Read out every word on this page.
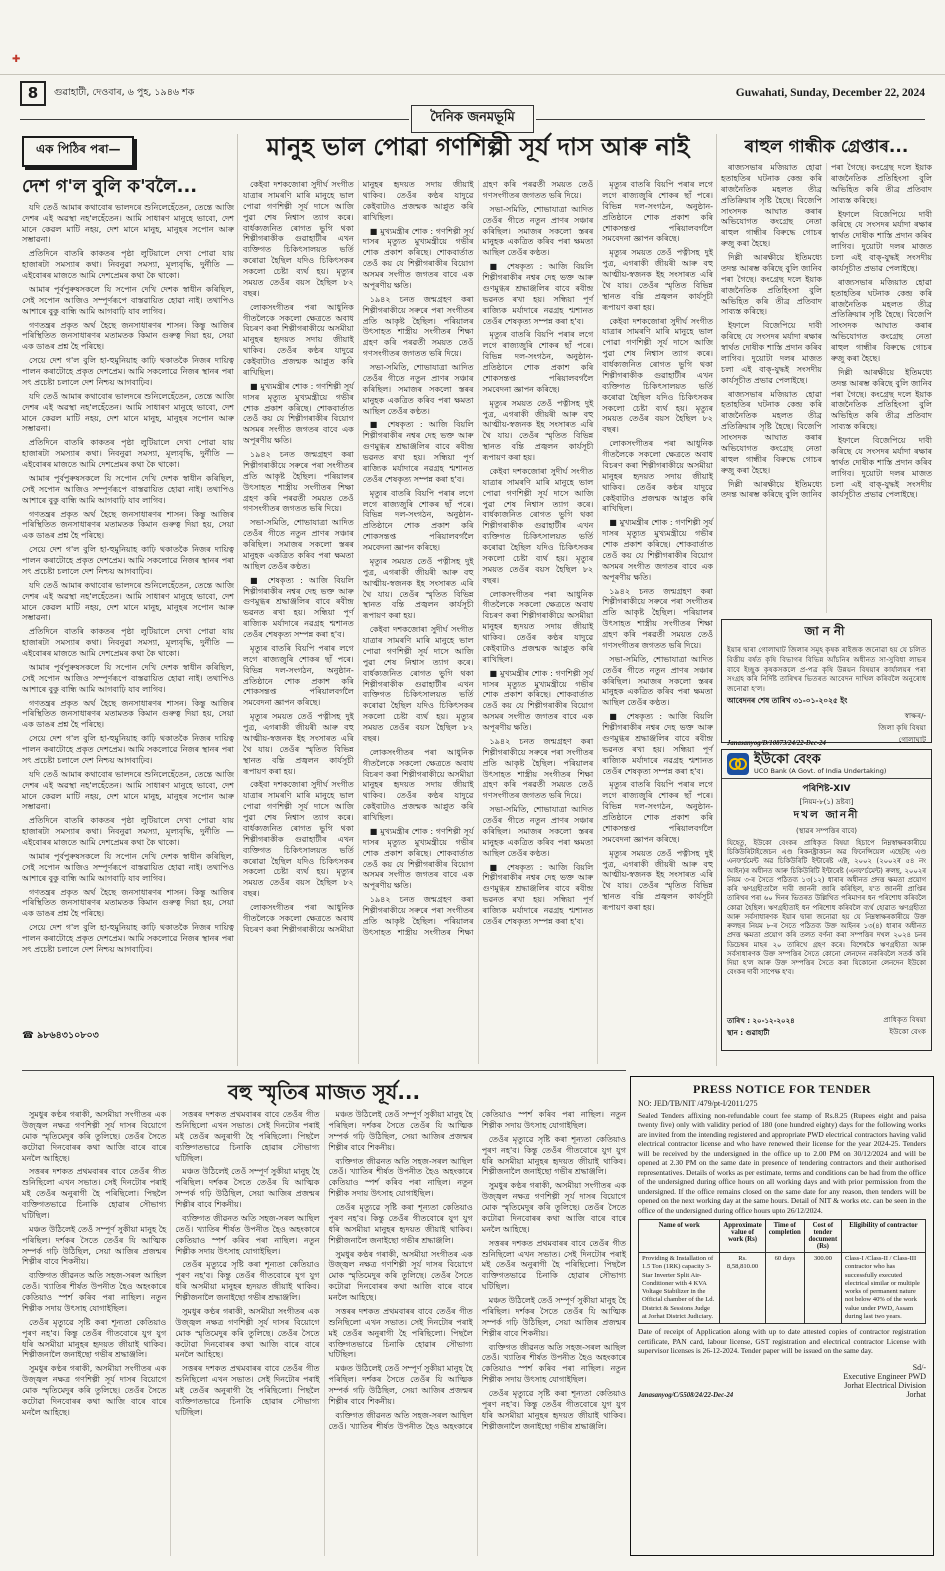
✚
8	গুৱাহাটী, দেওবাৰ, ৬ পুহ, ১৯৪৬ শক	Guwahati, Sunday, December 22, 2024
দৈনিক জনমভূমি
এক পিঠিৰ পৰা—
দেশ গ'ল বুলি ক'বলৈ...

যদি তেওঁ আমাৰ কথাবোৰ ভালদৰে শুনিলেহেঁতেন, তেন্তে আজি দেশৰ এই অৱস্থা নহ'লহেঁতেন। আমি সাধাৰণ মানুহে ভাবো, দেশ মানে কেৱল মাটি নহয়, দেশ মানে মানুহ, মানুহৰ সপোন আৰু সম্ভাৱনা।

প্ৰতিদিনে বাতৰি কাকতৰ পৃষ্ঠা লুটিয়ালে দেখা পোৱা যায় হাজাৰটা সমস্যাৰ কথা। নিবনুৱা সমস্যা, মূল্যবৃদ্ধি, দুৰ্নীতি — এইবোৰৰ মাজতে আমি দেশপ্ৰেমৰ কথা কৈ থাকো।

আমাৰ পূৰ্বপুৰুষসকলে যি সপোন দেখি দেশক স্বাধীন কৰিছিল, সেই সপোন আজিও সম্পূৰ্ণৰূপে বাস্তৱায়িত হোৱা নাই। তথাপিও আশাৰে বুকু বান্ধি আমি আগবাঢ়ি যাব লাগিব।

গণতন্ত্ৰৰ প্ৰকৃত অৰ্থ হৈছে জনসাধাৰণৰ শাসন। কিন্তু আজিৰ পৰিস্থিতিত জনসাধাৰণৰ মতামতক কিমান গুৰুত্ব দিয়া হয়, সেয়া এক ডাঙৰ প্ৰশ্ন হৈ পৰিছে।

সেয়ে দেশ গ'ল বুলি হা-হুমুনিয়াহ কাঢ়ি থকাতকৈ নিজৰ দায়িত্ব পালন কৰাটোহে প্ৰকৃত দেশপ্ৰেম। আমি সকলোৱে নিজৰ স্থানৰ পৰা সৎ প্ৰচেষ্টা চলালে দেশ নিশ্চয় আগবাঢ়িব।

যদি তেওঁ আমাৰ কথাবোৰ ভালদৰে শুনিলেহেঁতেন, তেন্তে আজি দেশৰ এই অৱস্থা নহ'লহেঁতেন। আমি সাধাৰণ মানুহে ভাবো, দেশ মানে কেৱল মাটি নহয়, দেশ মানে মানুহ, মানুহৰ সপোন আৰু সম্ভাৱনা।

প্ৰতিদিনে বাতৰি কাকতৰ পৃষ্ঠা লুটিয়ালে দেখা পোৱা যায় হাজাৰটা সমস্যাৰ কথা। নিবনুৱা সমস্যা, মূল্যবৃদ্ধি, দুৰ্নীতি — এইবোৰৰ মাজতে আমি দেশপ্ৰেমৰ কথা কৈ থাকো।

আমাৰ পূৰ্বপুৰুষসকলে যি সপোন দেখি দেশক স্বাধীন কৰিছিল, সেই সপোন আজিও সম্পূৰ্ণৰূপে বাস্তৱায়িত হোৱা নাই। তথাপিও আশাৰে বুকু বান্ধি আমি আগবাঢ়ি যাব লাগিব।

গণতন্ত্ৰৰ প্ৰকৃত অৰ্থ হৈছে জনসাধাৰণৰ শাসন। কিন্তু আজিৰ পৰিস্থিতিত জনসাধাৰণৰ মতামতক কিমান গুৰুত্ব দিয়া হয়, সেয়া এক ডাঙৰ প্ৰশ্ন হৈ পৰিছে।

সেয়ে দেশ গ'ল বুলি হা-হুমুনিয়াহ কাঢ়ি থকাতকৈ নিজৰ দায়িত্ব পালন কৰাটোহে প্ৰকৃত দেশপ্ৰেম। আমি সকলোৱে নিজৰ স্থানৰ পৰা সৎ প্ৰচেষ্টা চলালে দেশ নিশ্চয় আগবাঢ়িব।

যদি তেওঁ আমাৰ কথাবোৰ ভালদৰে শুনিলেহেঁতেন, তেন্তে আজি দেশৰ এই অৱস্থা নহ'লহেঁতেন। আমি সাধাৰণ মানুহে ভাবো, দেশ মানে কেৱল মাটি নহয়, দেশ মানে মানুহ, মানুহৰ সপোন আৰু সম্ভাৱনা।

প্ৰতিদিনে বাতৰি কাকতৰ পৃষ্ঠা লুটিয়ালে দেখা পোৱা যায় হাজাৰটা সমস্যাৰ কথা। নিবনুৱা সমস্যা, মূল্যবৃদ্ধি, দুৰ্নীতি — এইবোৰৰ মাজতে আমি দেশপ্ৰেমৰ কথা কৈ থাকো।

আমাৰ পূৰ্বপুৰুষসকলে যি সপোন দেখি দেশক স্বাধীন কৰিছিল, সেই সপোন আজিও সম্পূৰ্ণৰূপে বাস্তৱায়িত হোৱা নাই। তথাপিও আশাৰে বুকু বান্ধি আমি আগবাঢ়ি যাব লাগিব।

গণতন্ত্ৰৰ প্ৰকৃত অৰ্থ হৈছে জনসাধাৰণৰ শাসন। কিন্তু আজিৰ পৰিস্থিতিত জনসাধাৰণৰ মতামতক কিমান গুৰুত্ব দিয়া হয়, সেয়া এক ডাঙৰ প্ৰশ্ন হৈ পৰিছে।

সেয়ে দেশ গ'ল বুলি হা-হুমুনিয়াহ কাঢ়ি থকাতকৈ নিজৰ দায়িত্ব পালন কৰাটোহে প্ৰকৃত দেশপ্ৰেম। আমি সকলোৱে নিজৰ স্থানৰ পৰা সৎ প্ৰচেষ্টা চলালে দেশ নিশ্চয় আগবাঢ়িব।

যদি তেওঁ আমাৰ কথাবোৰ ভালদৰে শুনিলেহেঁতেন, তেন্তে আজি দেশৰ এই অৱস্থা নহ'লহেঁতেন। আমি সাধাৰণ মানুহে ভাবো, দেশ মানে কেৱল মাটি নহয়, দেশ মানে মানুহ, মানুহৰ সপোন আৰু সম্ভাৱনা।

প্ৰতিদিনে বাতৰি কাকতৰ পৃষ্ঠা লুটিয়ালে দেখা পোৱা যায় হাজাৰটা সমস্যাৰ কথা। নিবনুৱা সমস্যা, মূল্যবৃদ্ধি, দুৰ্নীতি — এইবোৰৰ মাজতে আমি দেশপ্ৰেমৰ কথা কৈ থাকো।

আমাৰ পূৰ্বপুৰুষসকলে যি সপোন দেখি দেশক স্বাধীন কৰিছিল, সেই সপোন আজিও সম্পূৰ্ণৰূপে বাস্তৱায়িত হোৱা নাই। তথাপিও আশাৰে বুকু বান্ধি আমি আগবাঢ়ি যাব লাগিব।

গণতন্ত্ৰৰ প্ৰকৃত অৰ্থ হৈছে জনসাধাৰণৰ শাসন। কিন্তু আজিৰ পৰিস্থিতিত জনসাধাৰণৰ মতামতক কিমান গুৰুত্ব দিয়া হয়, সেয়া এক ডাঙৰ প্ৰশ্ন হৈ পৰিছে।

সেয়ে দেশ গ'ল বুলি হা-হুমুনিয়াহ কাঢ়ি থকাতকৈ নিজৰ দায়িত্ব পালন কৰাটোহে প্ৰকৃত দেশপ্ৰেম। আমি সকলোৱে নিজৰ স্থানৰ পৰা সৎ প্ৰচেষ্টা চলালে দেশ নিশ্চয় আগবাঢ়িব।

☎ ৯৮৬৪৩১০৮০৩
মানুহ ভাল পোৱা গণশিল্পী সূৰ্য দাস আৰু নাই

কেইবা দশকজোৰা সুদীৰ্ঘ সংগীত যাত্ৰাৰ সামৰণি মাৰি মানুহে ভাল পোৱা গণশিল্পী সূৰ্য দাসে আজি পুৱা শেষ নিশ্বাস ত্যাগ কৰে। বাৰ্ধক্যজনিত ৰোগত ভুগি থকা শিল্পীগৰাকীক গুৱাহাটীৰ এখন ব্যক্তিগত চিকিৎসালয়ত ভৰ্তি কৰোৱা হৈছিল যদিও চিকিৎসকৰ সকলো চেষ্টা ব্যৰ্থ হয়। মৃত্যুৰ সময়ত তেওঁৰ বয়স হৈছিল ৮২ বছৰ।

লোকসংগীতৰ পৰা আধুনিক গীতলৈকে সকলো ক্ষেত্ৰতে অবাধ বিচৰণ কৰা শিল্পীগৰাকীয়ে অসমীয়া মানুহৰ হৃদয়ত সদায় জীয়াই থাকিব। তেওঁৰ কণ্ঠৰ যাদুৱে কেইবাটাও প্ৰজন্মক আপ্লুত কৰি ৰাখিছিল।

■ মুখ্যমন্ত্ৰীৰ শোক : গণশিল্পী সূৰ্য দাসৰ মৃত্যুত মুখ্যমন্ত্ৰীয়ে গভীৰ শোক প্ৰকাশ কৰিছে। শোকবাৰ্তাত তেওঁ কয় যে শিল্পীগৰাকীৰ বিয়োগ অসমৰ সংগীত জগতৰ বাবে এক অপূৰণীয় ক্ষতি।

১৯৪২ চনত জন্মগ্ৰহণ কৰা শিল্পীগৰাকীয়ে সৰুৰে পৰা সংগীতৰ প্ৰতি আকৃষ্ট হৈছিল। পৰিয়ালৰ উৎসাহত শাস্ত্ৰীয় সংগীতৰ শিক্ষা গ্ৰহণ কৰি পৰৱৰ্তী সময়ত তেওঁ গণসংগীতৰ জগতত ভৰি দিয়ে।

সভা-সমিতি, শোভাযাত্ৰা আদিত তেওঁৰ গীতে নতুন প্ৰাণৰ সঞ্চাৰ কৰিছিল। সমাজৰ সকলো স্তৰৰ মানুহক একত্ৰিত কৰিব পৰা ক্ষমতা আছিল তেওঁৰ কণ্ঠত।

■ শেষকৃত্য : আজি বিয়লি শিল্পীগৰাকীৰ নশ্বৰ দেহ ভক্ত আৰু গুণমুগ্ধৰ শ্ৰদ্ধাঞ্জলিৰ বাবে ৰবীন্দ্ৰ ভৱনত ৰখা হয়। সন্ধিয়া পূৰ্ণ ৰাজ্যিক মৰ্যাদাৰে নৱগ্ৰহ শ্মশানত তেওঁৰ শেষকৃত্য সম্পন্ন কৰা হ'ব।

মৃত্যুৰ বাতৰি বিয়পি পৰাৰ লগে লগে ৰাজ্যজুৰি শোকৰ ছাঁ পৰে। বিভিন্ন দল-সংগঠন, অনুষ্ঠান-প্ৰতিষ্ঠানে শোক প্ৰকাশ কৰি শোকসন্তপ্ত পৰিয়ালবৰ্গলৈ সমবেদনা জ্ঞাপন কৰিছে।

মৃত্যুৰ সময়ত তেওঁ পত্নীসহ দুই পুত্ৰ, এগৰাকী জীয়ৰী আৰু বহু আত্মীয়-স্বজনক ইহ সংসাৰত এৰি থৈ যায়। তেওঁৰ স্মৃতিত বিভিন্ন স্থানত বন্তি প্ৰজ্বলন কাৰ্যসূচী ৰূপায়ণ কৰা হয়।

কেইবা দশকজোৰা সুদীৰ্ঘ সংগীত যাত্ৰাৰ সামৰণি মাৰি মানুহে ভাল পোৱা গণশিল্পী সূৰ্য দাসে আজি পুৱা শেষ নিশ্বাস ত্যাগ কৰে। বাৰ্ধক্যজনিত ৰোগত ভুগি থকা শিল্পীগৰাকীক গুৱাহাটীৰ এখন ব্যক্তিগত চিকিৎসালয়ত ভৰ্তি কৰোৱা হৈছিল যদিও চিকিৎসকৰ সকলো চেষ্টা ব্যৰ্থ হয়। মৃত্যুৰ সময়ত তেওঁৰ বয়স হৈছিল ৮২ বছৰ।

লোকসংগীতৰ পৰা আধুনিক গীতলৈকে সকলো ক্ষেত্ৰতে অবাধ বিচৰণ কৰা শিল্পীগৰাকীয়ে অসমীয়া মানুহৰ হৃদয়ত সদায় জীয়াই থাকিব। তেওঁৰ কণ্ঠৰ যাদুৱে কেইবাটাও প্ৰজন্মক আপ্লুত কৰি ৰাখিছিল।

■ মুখ্যমন্ত্ৰীৰ শোক : গণশিল্পী সূৰ্য দাসৰ মৃত্যুত মুখ্যমন্ত্ৰীয়ে গভীৰ শোক প্ৰকাশ কৰিছে। শোকবাৰ্তাত তেওঁ কয় যে শিল্পীগৰাকীৰ বিয়োগ অসমৰ সংগীত জগতৰ বাবে এক অপূৰণীয় ক্ষতি।

১৯৪২ চনত জন্মগ্ৰহণ কৰা শিল্পীগৰাকীয়ে সৰুৰে পৰা সংগীতৰ প্ৰতি আকৃষ্ট হৈছিল। পৰিয়ালৰ উৎসাহত শাস্ত্ৰীয় সংগীতৰ শিক্ষা গ্ৰহণ কৰি পৰৱৰ্তী সময়ত তেওঁ গণসংগীতৰ জগতত ভৰি দিয়ে।

সভা-সমিতি, শোভাযাত্ৰা আদিত তেওঁৰ গীতে নতুন প্ৰাণৰ সঞ্চাৰ কৰিছিল। সমাজৰ সকলো স্তৰৰ মানুহক একত্ৰিত কৰিব পৰা ক্ষমতা আছিল তেওঁৰ কণ্ঠত।

■ শেষকৃত্য : আজি বিয়লি শিল্পীগৰাকীৰ নশ্বৰ দেহ ভক্ত আৰু গুণমুগ্ধৰ শ্ৰদ্ধাঞ্জলিৰ বাবে ৰবীন্দ্ৰ ভৱনত ৰখা হয়। সন্ধিয়া পূৰ্ণ ৰাজ্যিক মৰ্যাদাৰে নৱগ্ৰহ শ্মশানত তেওঁৰ শেষকৃত্য সম্পন্ন কৰা হ'ব।

মৃত্যুৰ বাতৰি বিয়পি পৰাৰ লগে লগে ৰাজ্যজুৰি শোকৰ ছাঁ পৰে। বিভিন্ন দল-সংগঠন, অনুষ্ঠান-প্ৰতিষ্ঠানে শোক প্ৰকাশ কৰি শোকসন্তপ্ত পৰিয়ালবৰ্গলৈ সমবেদনা জ্ঞাপন কৰিছে।

মৃত্যুৰ সময়ত তেওঁ পত্নীসহ দুই পুত্ৰ, এগৰাকী জীয়ৰী আৰু বহু আত্মীয়-স্বজনক ইহ সংসাৰত এৰি থৈ যায়। তেওঁৰ স্মৃতিত বিভিন্ন স্থানত বন্তি প্ৰজ্বলন কাৰ্যসূচী ৰূপায়ণ কৰা হয়।

কেইবা দশকজোৰা সুদীৰ্ঘ সংগীত যাত্ৰাৰ সামৰণি মাৰি মানুহে ভাল পোৱা গণশিল্পী সূৰ্য দাসে আজি পুৱা শেষ নিশ্বাস ত্যাগ কৰে। বাৰ্ধক্যজনিত ৰোগত ভুগি থকা শিল্পীগৰাকীক গুৱাহাটীৰ এখন ব্যক্তিগত চিকিৎসালয়ত ভৰ্তি কৰোৱা হৈছিল যদিও চিকিৎসকৰ সকলো চেষ্টা ব্যৰ্থ হয়। মৃত্যুৰ সময়ত তেওঁৰ বয়স হৈছিল ৮২ বছৰ।

লোকসংগীতৰ পৰা আধুনিক গীতলৈকে সকলো ক্ষেত্ৰতে অবাধ বিচৰণ কৰা শিল্পীগৰাকীয়ে অসমীয়া মানুহৰ হৃদয়ত সদায় জীয়াই থাকিব। তেওঁৰ কণ্ঠৰ যাদুৱে কেইবাটাও প্ৰজন্মক আপ্লুত কৰি ৰাখিছিল।

■ মুখ্যমন্ত্ৰীৰ শোক : গণশিল্পী সূৰ্য দাসৰ মৃত্যুত মুখ্যমন্ত্ৰীয়ে গভীৰ শোক প্ৰকাশ কৰিছে। শোকবাৰ্তাত তেওঁ কয় যে শিল্পীগৰাকীৰ বিয়োগ অসমৰ সংগীত জগতৰ বাবে এক অপূৰণীয় ক্ষতি।

১৯৪২ চনত জন্মগ্ৰহণ কৰা শিল্পীগৰাকীয়ে সৰুৰে পৰা সংগীতৰ প্ৰতি আকৃষ্ট হৈছিল। পৰিয়ালৰ উৎসাহত শাস্ত্ৰীয় সংগীতৰ শিক্ষা গ্ৰহণ কৰি পৰৱৰ্তী সময়ত তেওঁ গণসংগীতৰ জগতত ভৰি দিয়ে।

সভা-সমিতি, শোভাযাত্ৰা আদিত তেওঁৰ গীতে নতুন প্ৰাণৰ সঞ্চাৰ কৰিছিল। সমাজৰ সকলো স্তৰৰ মানুহক একত্ৰিত কৰিব পৰা ক্ষমতা আছিল তেওঁৰ কণ্ঠত।

■ শেষকৃত্য : আজি বিয়লি শিল্পীগৰাকীৰ নশ্বৰ দেহ ভক্ত আৰু গুণমুগ্ধৰ শ্ৰদ্ধাঞ্জলিৰ বাবে ৰবীন্দ্ৰ ভৱনত ৰখা হয়। সন্ধিয়া পূৰ্ণ ৰাজ্যিক মৰ্যাদাৰে নৱগ্ৰহ শ্মশানত তেওঁৰ শেষকৃত্য সম্পন্ন কৰা হ'ব।

মৃত্যুৰ বাতৰি বিয়পি পৰাৰ লগে লগে ৰাজ্যজুৰি শোকৰ ছাঁ পৰে। বিভিন্ন দল-সংগঠন, অনুষ্ঠান-প্ৰতিষ্ঠানে শোক প্ৰকাশ কৰি শোকসন্তপ্ত পৰিয়ালবৰ্গলৈ সমবেদনা জ্ঞাপন কৰিছে।

মৃত্যুৰ সময়ত তেওঁ পত্নীসহ দুই পুত্ৰ, এগৰাকী জীয়ৰী আৰু বহু আত্মীয়-স্বজনক ইহ সংসাৰত এৰি থৈ যায়। তেওঁৰ স্মৃতিত বিভিন্ন স্থানত বন্তি প্ৰজ্বলন কাৰ্যসূচী ৰূপায়ণ কৰা হয়।

কেইবা দশকজোৰা সুদীৰ্ঘ সংগীত যাত্ৰাৰ সামৰণি মাৰি মানুহে ভাল পোৱা গণশিল্পী সূৰ্য দাসে আজি পুৱা শেষ নিশ্বাস ত্যাগ কৰে। বাৰ্ধক্যজনিত ৰোগত ভুগি থকা শিল্পীগৰাকীক গুৱাহাটীৰ এখন ব্যক্তিগত চিকিৎসালয়ত ভৰ্তি কৰোৱা হৈছিল যদিও চিকিৎসকৰ সকলো চেষ্টা ব্যৰ্থ হয়। মৃত্যুৰ সময়ত তেওঁৰ বয়স হৈছিল ৮২ বছৰ।

লোকসংগীতৰ পৰা আধুনিক গীতলৈকে সকলো ক্ষেত্ৰতে অবাধ বিচৰণ কৰা শিল্পীগৰাকীয়ে অসমীয়া মানুহৰ হৃদয়ত সদায় জীয়াই থাকিব। তেওঁৰ কণ্ঠৰ যাদুৱে কেইবাটাও প্ৰজন্মক আপ্লুত কৰি ৰাখিছিল।

■ মুখ্যমন্ত্ৰীৰ শোক : গণশিল্পী সূৰ্য দাসৰ মৃত্যুত মুখ্যমন্ত্ৰীয়ে গভীৰ শোক প্ৰকাশ কৰিছে। শোকবাৰ্তাত তেওঁ কয় যে শিল্পীগৰাকীৰ বিয়োগ অসমৰ সংগীত জগতৰ বাবে এক অপূৰণীয় ক্ষতি।

১৯৪২ চনত জন্মগ্ৰহণ কৰা শিল্পীগৰাকীয়ে সৰুৰে পৰা সংগীতৰ প্ৰতি আকৃষ্ট হৈছিল। পৰিয়ালৰ উৎসাহত শাস্ত্ৰীয় সংগীতৰ শিক্ষা গ্ৰহণ কৰি পৰৱৰ্তী সময়ত তেওঁ গণসংগীতৰ জগতত ভৰি দিয়ে।

সভা-সমিতি, শোভাযাত্ৰা আদিত তেওঁৰ গীতে নতুন প্ৰাণৰ সঞ্চাৰ কৰিছিল। সমাজৰ সকলো স্তৰৰ মানুহক একত্ৰিত কৰিব পৰা ক্ষমতা আছিল তেওঁৰ কণ্ঠত।

■ শেষকৃত্য : আজি বিয়লি শিল্পীগৰাকীৰ নশ্বৰ দেহ ভক্ত আৰু গুণমুগ্ধৰ শ্ৰদ্ধাঞ্জলিৰ বাবে ৰবীন্দ্ৰ ভৱনত ৰখা হয়। সন্ধিয়া পূৰ্ণ ৰাজ্যিক মৰ্যাদাৰে নৱগ্ৰহ শ্মশানত তেওঁৰ শেষকৃত্য সম্পন্ন কৰা হ'ব।

মৃত্যুৰ বাতৰি বিয়পি পৰাৰ লগে লগে ৰাজ্যজুৰি শোকৰ ছাঁ পৰে। বিভিন্ন দল-সংগঠন, অনুষ্ঠান-প্ৰতিষ্ঠানে শোক প্ৰকাশ কৰি শোকসন্তপ্ত পৰিয়ালবৰ্গলৈ সমবেদনা জ্ঞাপন কৰিছে।

মৃত্যুৰ সময়ত তেওঁ পত্নীসহ দুই পুত্ৰ, এগৰাকী জীয়ৰী আৰু বহু আত্মীয়-স্বজনক ইহ সংসাৰত এৰি থৈ যায়। তেওঁৰ স্মৃতিত বিভিন্ন স্থানত বন্তি প্ৰজ্বলন কাৰ্যসূচী ৰূপায়ণ কৰা হয়।

কেইবা দশকজোৰা সুদীৰ্ঘ সংগীত যাত্ৰাৰ সামৰণি মাৰি মানুহে ভাল পোৱা গণশিল্পী সূৰ্য দাসে আজি পুৱা শেষ নিশ্বাস ত্যাগ কৰে। বাৰ্ধক্যজনিত ৰোগত ভুগি থকা শিল্পীগৰাকীক গুৱাহাটীৰ এখন ব্যক্তিগত চিকিৎসালয়ত ভৰ্তি কৰোৱা হৈছিল যদিও চিকিৎসকৰ সকলো চেষ্টা ব্যৰ্থ হয়। মৃত্যুৰ সময়ত তেওঁৰ বয়স হৈছিল ৮২ বছৰ।

লোকসংগীতৰ পৰা আধুনিক গীতলৈকে সকলো ক্ষেত্ৰতে অবাধ বিচৰণ কৰা শিল্পীগৰাকীয়ে অসমীয়া মানুহৰ হৃদয়ত সদায় জীয়াই থাকিব। তেওঁৰ কণ্ঠৰ যাদুৱে কেইবাটাও প্ৰজন্মক আপ্লুত কৰি ৰাখিছিল।

■ মুখ্যমন্ত্ৰীৰ শোক : গণশিল্পী সূৰ্য দাসৰ মৃত্যুত মুখ্যমন্ত্ৰীয়ে গভীৰ শোক প্ৰকাশ কৰিছে। শোকবাৰ্তাত তেওঁ কয় যে শিল্পীগৰাকীৰ বিয়োগ অসমৰ সংগীত জগতৰ বাবে এক অপূৰণীয় ক্ষতি।

১৯৪২ চনত জন্মগ্ৰহণ কৰা শিল্পীগৰাকীয়ে সৰুৰে পৰা সংগীতৰ প্ৰতি আকৃষ্ট হৈছিল। পৰিয়ালৰ উৎসাহত শাস্ত্ৰীয় সংগীতৰ শিক্ষা গ্ৰহণ কৰি পৰৱৰ্তী সময়ত তেওঁ গণসংগীতৰ জগতত ভৰি দিয়ে।

সভা-সমিতি, শোভাযাত্ৰা আদিত তেওঁৰ গীতে নতুন প্ৰাণৰ সঞ্চাৰ কৰিছিল। সমাজৰ সকলো স্তৰৰ মানুহক একত্ৰিত কৰিব পৰা ক্ষমতা আছিল তেওঁৰ কণ্ঠত।

■ শেষকৃত্য : আজি বিয়লি শিল্পীগৰাকীৰ নশ্বৰ দেহ ভক্ত আৰু গুণমুগ্ধৰ শ্ৰদ্ধাঞ্জলিৰ বাবে ৰবীন্দ্ৰ ভৱনত ৰখা হয়। সন্ধিয়া পূৰ্ণ ৰাজ্যিক মৰ্যাদাৰে নৱগ্ৰহ শ্মশানত তেওঁৰ শেষকৃত্য সম্পন্ন কৰা হ'ব।

মৃত্যুৰ বাতৰি বিয়পি পৰাৰ লগে লগে ৰাজ্যজুৰি শোকৰ ছাঁ পৰে। বিভিন্ন দল-সংগঠন, অনুষ্ঠান-প্ৰতিষ্ঠানে শোক প্ৰকাশ কৰি শোকসন্তপ্ত পৰিয়ালবৰ্গলৈ সমবেদনা জ্ঞাপন কৰিছে।

মৃত্যুৰ সময়ত তেওঁ পত্নীসহ দুই পুত্ৰ, এগৰাকী জীয়ৰী আৰু বহু আত্মীয়-স্বজনক ইহ সংসাৰত এৰি থৈ যায়। তেওঁৰ স্মৃতিত বিভিন্ন স্থানত বন্তি প্ৰজ্বলন কাৰ্যসূচী ৰূপায়ণ কৰা হয়।

ৰাহুল গান্ধীক গ্ৰেপ্তাৰ...

ৰাজ্যসভাৰ মজিয়াত হোৱা হতাহতিৰ ঘটনাক কেন্দ্ৰ কৰি ৰাজনৈতিক মহলত তীব্ৰ প্ৰতিক্ৰিয়াৰ সৃষ্টি হৈছে। বিজেপি সাংসদক আঘাত কৰাৰ অভিযোগত কংগ্ৰেছ নেতা ৰাহুল গান্ধীৰ বিৰুদ্ধে গোচৰ ৰুজু কৰা হৈছে।

দিল্লী আৰক্ষীয়ে ইতিমধ্যে তদন্ত আৰম্ভ কৰিছে বুলি জানিব পৰা গৈছে। কংগ্ৰেছ দলে ইয়াক ৰাজনৈতিক প্ৰতিহিংসা বুলি অভিহিত কৰি তীব্ৰ প্ৰতিবাদ সাব্যস্ত কৰিছে।

ইফালে বিজেপিয়ে দাবী কৰিছে যে সংসদৰ মৰ্যাদা ৰক্ষাৰ স্বাৰ্থত দোষীক শাস্তি প্ৰদান কৰিব লাগিব। দুয়োটা দলৰ মাজত চলা এই বাক্-যুদ্ধই সংসদীয় কাৰ্যসূচীত প্ৰভাৱ পেলাইছে।

ৰাজ্যসভাৰ মজিয়াত হোৱা হতাহতিৰ ঘটনাক কেন্দ্ৰ কৰি ৰাজনৈতিক মহলত তীব্ৰ প্ৰতিক্ৰিয়াৰ সৃষ্টি হৈছে। বিজেপি সাংসদক আঘাত কৰাৰ অভিযোগত কংগ্ৰেছ নেতা ৰাহুল গান্ধীৰ বিৰুদ্ধে গোচৰ ৰুজু কৰা হৈছে।

দিল্লী আৰক্ষীয়ে ইতিমধ্যে তদন্ত আৰম্ভ কৰিছে বুলি জানিব পৰা গৈছে। কংগ্ৰেছ দলে ইয়াক ৰাজনৈতিক প্ৰতিহিংসা বুলি অভিহিত কৰি তীব্ৰ প্ৰতিবাদ সাব্যস্ত কৰিছে।

ইফালে বিজেপিয়ে দাবী কৰিছে যে সংসদৰ মৰ্যাদা ৰক্ষাৰ স্বাৰ্থত দোষীক শাস্তি প্ৰদান কৰিব লাগিব। দুয়োটা দলৰ মাজত চলা এই বাক্-যুদ্ধই সংসদীয় কাৰ্যসূচীত প্ৰভাৱ পেলাইছে।

ৰাজ্যসভাৰ মজিয়াত হোৱা হতাহতিৰ ঘটনাক কেন্দ্ৰ কৰি ৰাজনৈতিক মহলত তীব্ৰ প্ৰতিক্ৰিয়াৰ সৃষ্টি হৈছে। বিজেপি সাংসদক আঘাত কৰাৰ অভিযোগত কংগ্ৰেছ নেতা ৰাহুল গান্ধীৰ বিৰুদ্ধে গোচৰ ৰুজু কৰা হৈছে।

দিল্লী আৰক্ষীয়ে ইতিমধ্যে তদন্ত আৰম্ভ কৰিছে বুলি জানিব পৰা গৈছে। কংগ্ৰেছ দলে ইয়াক ৰাজনৈতিক প্ৰতিহিংসা বুলি অভিহিত কৰি তীব্ৰ প্ৰতিবাদ সাব্যস্ত কৰিছে।

ইফালে বিজেপিয়ে দাবী কৰিছে যে সংসদৰ মৰ্যাদা ৰক্ষাৰ স্বাৰ্থত দোষীক শাস্তি প্ৰদান কৰিব লাগিব। দুয়োটা দলৰ মাজত চলা এই বাক্-যুদ্ধই সংসদীয় কাৰ্যসূচীত প্ৰভাৱ পেলাইছে।

জাননী
ইয়াৰ দ্বাৰা গোলাঘাট জিলাৰ সমূহ কৃষক ৰাইজক জনোৱা হয় যে চলিত বিত্তীয় বৰ্ষত কৃষি বিভাগৰ বিভিন্ন আঁচনিৰ অধীনত সা-সুবিধা লাভৰ বাবে ইচ্ছুক কৃষকসকলে প্ৰ-পত্ৰ কৃষি উন্নয়ন বিষয়াৰ কাৰ্যালয়ৰ পৰা সংগ্ৰহ কৰি নিৰ্দিষ্ট তাৰিখৰ ভিতৰত আবেদন দাখিল কৰিবলৈ অনুৰোধ জনোৱা হ'ল।
আবেদনৰ শেষ তাৰিখ ৩১-০১-২০২৫ ইং
Janasanyog/D/10873/24/22-Dec-24

স্বাক্ষৰ/-

জিলা কৃষি বিষয়া

গোলাঘাট

ইউকো বেংক
UCO Bank (A Govt. of India Undertaking)

পৰিশিষ্ট-XIV

[নিয়ম-৮(১) দ্ৰষ্টব্য]

দখল জাননী

(স্থাৱৰ সম্পত্তিৰ বাবে)

যিহেতু, ইউকো বেংকৰ প্ৰাধিকৃত বিষয়া হিচাপে নিম্নস্বাক্ষৰকাৰীয়ে চিকিউৰিটাইজেচন এণ্ড ৰিকনষ্ট্ৰাকচন অৱ ফিনেন্সিয়েল এছেটছ এণ্ড এনফ'ৰ্চমেন্ট অৱ চিকিউৰিটি ইন্টাৰেষ্ট এক্ট, ২০০২ (২০০২ৰ ৫৪ নং আইন)ৰ অধীনত আৰু চিকিউৰিটি ইন্টাৰেষ্ট (এনফ'ৰ্চমেন্ট) ৰুলছ, ২০০২ৰ নিয়ম ৩-ৰ সৈতে পঠিতব্য ১৩(১২) ধাৰাৰ অধীনত প্ৰদত্ত ক্ষমতা প্ৰয়োগ কৰি ঋণগ্ৰহীতালৈ দাবী জাননী জাৰি কৰিছিল, য'ত জাননী প্ৰাপ্তিৰ তাৰিখৰ পৰা ৬০ দিনৰ ভিতৰত উল্লিখিত পৰিমাণৰ ধন পৰিশোধ কৰিবলৈ কোৱা হৈছিল। ঋণগ্ৰহীতাই ধন পৰিশোধ কৰিবলৈ ব্যৰ্থ হোৱাত ঋণগ্ৰহীতা আৰু সৰ্বসাধাৰণক ইয়াৰ দ্বাৰা জনোৱা হয় যে নিম্নস্বাক্ষৰকাৰীয়ে উক্ত ৰুলছৰ নিয়ম ৮-ৰ সৈতে পঠিতব্য উক্ত আইনৰ ১৩(৪) ধাৰাৰ অধীনত প্ৰদত্ত ক্ষমতা প্ৰয়োগ কৰি তলত বৰ্ণনা কৰা সম্পত্তিৰ দখল ২০২৪ চনৰ ডিচেম্বৰ মাহৰ ২০ তাৰিখে গ্ৰহণ কৰে। বিশেষকৈ ঋণগ্ৰহীতা আৰু সৰ্বসাধাৰণক উক্ত সম্পত্তিৰ সৈতে কোনো লেনদেন নকৰিবলৈ সতৰ্ক কৰি দিয়া হ'ল আৰু উক্ত সম্পত্তিৰ সৈতে কৰা যিকোনো লেনদেন ইউকো বেংকৰ দাবী সাপেক্ষ হ'ব।

তাৰিখ : ২০-১২-২০২৪

স্থান : গুৱাহাটী

প্ৰাধিকৃত বিষয়া

ইউকো বেংক

বহু স্মৃতিৰ মাজত সূৰ্য...

সুমধুৰ কণ্ঠৰ গৰাকী, অসমীয়া সংগীতৰ এক উজ্জ্বল নক্ষত্ৰ গণশিল্পী সূৰ্য দাসৰ বিয়োগে মোক স্মৃতিমেদুৰ কৰি তুলিছে। তেওঁৰ সৈতে কটোৱা দিনবোৰৰ কথা আজি বাৰে বাৰে মনলৈ আহিছে।

সত্তৰৰ দশকত প্ৰথমবাৰৰ বাবে তেওঁৰ গীত শুনিছিলো এখন সভাত। সেই দিনটোৰ পৰাই মই তেওঁৰ অনুৰাগী হৈ পৰিছিলো। পিছলৈ ব্যক্তিগতভাৱে চিনাকি হোৱাৰ সৌভাগ্য ঘটিছিল।

মঞ্চত উঠিলেই তেওঁ সম্পূৰ্ণ সুকীয়া মানুহ হৈ পৰিছিল। দৰ্শকৰ সৈতে তেওঁৰ যি আত্মিক সম্পৰ্ক গঢ়ি উঠিছিল, সেয়া আজিৰ প্ৰজন্মৰ শিল্পীৰ বাবে শিকনীয়।

ব্যক্তিগত জীৱনত অতি সহজ-সৰল আছিল তেওঁ। খ্যাতিৰ শীৰ্ষত উপনীত হৈও অহংকাৰে কেতিয়াও স্পৰ্শ কৰিব পৰা নাছিল। নতুন শিল্পীক সদায় উৎসাহ যোগাইছিল।

তেওঁৰ মৃত্যুৱে সৃষ্টি কৰা শূন্যতা কেতিয়াও পূৰণ নহ'ব। কিন্তু তেওঁৰ গীতবোৰে যুগ যুগ ধৰি অসমীয়া মানুহৰ হৃদয়ত জীয়াই থাকিব। শিল্পীজনালৈ জনাইছো গভীৰ শ্ৰদ্ধাঞ্জলি।

সুমধুৰ কণ্ঠৰ গৰাকী, অসমীয়া সংগীতৰ এক উজ্জ্বল নক্ষত্ৰ গণশিল্পী সূৰ্য দাসৰ বিয়োগে মোক স্মৃতিমেদুৰ কৰি তুলিছে। তেওঁৰ সৈতে কটোৱা দিনবোৰৰ কথা আজি বাৰে বাৰে মনলৈ আহিছে।

সত্তৰৰ দশকত প্ৰথমবাৰৰ বাবে তেওঁৰ গীত শুনিছিলো এখন সভাত। সেই দিনটোৰ পৰাই মই তেওঁৰ অনুৰাগী হৈ পৰিছিলো। পিছলৈ ব্যক্তিগতভাৱে চিনাকি হোৱাৰ সৌভাগ্য ঘটিছিল।

মঞ্চত উঠিলেই তেওঁ সম্পূৰ্ণ সুকীয়া মানুহ হৈ পৰিছিল। দৰ্শকৰ সৈতে তেওঁৰ যি আত্মিক সম্পৰ্ক গঢ়ি উঠিছিল, সেয়া আজিৰ প্ৰজন্মৰ শিল্পীৰ বাবে শিকনীয়।

ব্যক্তিগত জীৱনত অতি সহজ-সৰল আছিল তেওঁ। খ্যাতিৰ শীৰ্ষত উপনীত হৈও অহংকাৰে কেতিয়াও স্পৰ্শ কৰিব পৰা নাছিল। নতুন শিল্পীক সদায় উৎসাহ যোগাইছিল।

তেওঁৰ মৃত্যুৱে সৃষ্টি কৰা শূন্যতা কেতিয়াও পূৰণ নহ'ব। কিন্তু তেওঁৰ গীতবোৰে যুগ যুগ ধৰি অসমীয়া মানুহৰ হৃদয়ত জীয়াই থাকিব। শিল্পীজনালৈ জনাইছো গভীৰ শ্ৰদ্ধাঞ্জলি।

সুমধুৰ কণ্ঠৰ গৰাকী, অসমীয়া সংগীতৰ এক উজ্জ্বল নক্ষত্ৰ গণশিল্পী সূৰ্য দাসৰ বিয়োগে মোক স্মৃতিমেদুৰ কৰি তুলিছে। তেওঁৰ সৈতে কটোৱা দিনবোৰৰ কথা আজি বাৰে বাৰে মনলৈ আহিছে।

সত্তৰৰ দশকত প্ৰথমবাৰৰ বাবে তেওঁৰ গীত শুনিছিলো এখন সভাত। সেই দিনটোৰ পৰাই মই তেওঁৰ অনুৰাগী হৈ পৰিছিলো। পিছলৈ ব্যক্তিগতভাৱে চিনাকি হোৱাৰ সৌভাগ্য ঘটিছিল।

মঞ্চত উঠিলেই তেওঁ সম্পূৰ্ণ সুকীয়া মানুহ হৈ পৰিছিল। দৰ্শকৰ সৈতে তেওঁৰ যি আত্মিক সম্পৰ্ক গঢ়ি উঠিছিল, সেয়া আজিৰ প্ৰজন্মৰ শিল্পীৰ বাবে শিকনীয়।

ব্যক্তিগত জীৱনত অতি সহজ-সৰল আছিল তেওঁ। খ্যাতিৰ শীৰ্ষত উপনীত হৈও অহংকাৰে কেতিয়াও স্পৰ্শ কৰিব পৰা নাছিল। নতুন শিল্পীক সদায় উৎসাহ যোগাইছিল।

তেওঁৰ মৃত্যুৱে সৃষ্টি কৰা শূন্যতা কেতিয়াও পূৰণ নহ'ব। কিন্তু তেওঁৰ গীতবোৰে যুগ যুগ ধৰি অসমীয়া মানুহৰ হৃদয়ত জীয়াই থাকিব। শিল্পীজনালৈ জনাইছো গভীৰ শ্ৰদ্ধাঞ্জলি।

সুমধুৰ কণ্ঠৰ গৰাকী, অসমীয়া সংগীতৰ এক উজ্জ্বল নক্ষত্ৰ গণশিল্পী সূৰ্য দাসৰ বিয়োগে মোক স্মৃতিমেদুৰ কৰি তুলিছে। তেওঁৰ সৈতে কটোৱা দিনবোৰৰ কথা আজি বাৰে বাৰে মনলৈ আহিছে।

সত্তৰৰ দশকত প্ৰথমবাৰৰ বাবে তেওঁৰ গীত শুনিছিলো এখন সভাত। সেই দিনটোৰ পৰাই মই তেওঁৰ অনুৰাগী হৈ পৰিছিলো। পিছলৈ ব্যক্তিগতভাৱে চিনাকি হোৱাৰ সৌভাগ্য ঘটিছিল।

মঞ্চত উঠিলেই তেওঁ সম্পূৰ্ণ সুকীয়া মানুহ হৈ পৰিছিল। দৰ্শকৰ সৈতে তেওঁৰ যি আত্মিক সম্পৰ্ক গঢ়ি উঠিছিল, সেয়া আজিৰ প্ৰজন্মৰ শিল্পীৰ বাবে শিকনীয়।

ব্যক্তিগত জীৱনত অতি সহজ-সৰল আছিল তেওঁ। খ্যাতিৰ শীৰ্ষত উপনীত হৈও অহংকাৰে কেতিয়াও স্পৰ্শ কৰিব পৰা নাছিল। নতুন শিল্পীক সদায় উৎসাহ যোগাইছিল।

তেওঁৰ মৃত্যুৱে সৃষ্টি কৰা শূন্যতা কেতিয়াও পূৰণ নহ'ব। কিন্তু তেওঁৰ গীতবোৰে যুগ যুগ ধৰি অসমীয়া মানুহৰ হৃদয়ত জীয়াই থাকিব। শিল্পীজনালৈ জনাইছো গভীৰ শ্ৰদ্ধাঞ্জলি।

সুমধুৰ কণ্ঠৰ গৰাকী, অসমীয়া সংগীতৰ এক উজ্জ্বল নক্ষত্ৰ গণশিল্পী সূৰ্য দাসৰ বিয়োগে মোক স্মৃতিমেদুৰ কৰি তুলিছে। তেওঁৰ সৈতে কটোৱা দিনবোৰৰ কথা আজি বাৰে বাৰে মনলৈ আহিছে।

সত্তৰৰ দশকত প্ৰথমবাৰৰ বাবে তেওঁৰ গীত শুনিছিলো এখন সভাত। সেই দিনটোৰ পৰাই মই তেওঁৰ অনুৰাগী হৈ পৰিছিলো। পিছলৈ ব্যক্তিগতভাৱে চিনাকি হোৱাৰ সৌভাগ্য ঘটিছিল।

মঞ্চত উঠিলেই তেওঁ সম্পূৰ্ণ সুকীয়া মানুহ হৈ পৰিছিল। দৰ্শকৰ সৈতে তেওঁৰ যি আত্মিক সম্পৰ্ক গঢ়ি উঠিছিল, সেয়া আজিৰ প্ৰজন্মৰ শিল্পীৰ বাবে শিকনীয়।

ব্যক্তিগত জীৱনত অতি সহজ-সৰল আছিল তেওঁ। খ্যাতিৰ শীৰ্ষত উপনীত হৈও অহংকাৰে কেতিয়াও স্পৰ্শ কৰিব পৰা নাছিল। নতুন শিল্পীক সদায় উৎসাহ যোগাইছিল।

তেওঁৰ মৃত্যুৱে সৃষ্টি কৰা শূন্যতা কেতিয়াও পূৰণ নহ'ব। কিন্তু তেওঁৰ গীতবোৰে যুগ যুগ ধৰি অসমীয়া মানুহৰ হৃদয়ত জীয়াই থাকিব। শিল্পীজনালৈ জনাইছো গভীৰ শ্ৰদ্ধাঞ্জলি।

PRESS NOTICE FOR TENDER
NO: JED/TB/NIT /479/pt-I/2011/275
Sealed Tenders affixing non-refundable court fee stamp of Rs.8.25 (Rupees eight and paisa twenty five) only with validity period of 180 (one hundred eighty) days for the following works are invited from the intending registered and appropriate PWD electrical contractors having valid electrical contractor license and who have renewed their license for the year 2024-25. Tenders will be received by the undersigned in the office up to 2.00 PM on 30/12/2024 and will be opened at 2.30 PM on the same date in presence of tendering contractors and their authorised representatives. Details of works as per estimate, terms and conditions can be had from the office of the undersigned during office hours on all working days and with prior permission from the undersigned. If the office remains closed on the same date for any reason, then tenders will be opened on the next working day at the same hours. Detail of NIT & works etc. can be seen in the office of the undersigned during office hours upto 26/12/2024.
Name of work	Approximate value of work (Rs)	Time of completion	Cost of tender document (Rs)	Eligibility of contractor
Providing & Installation of 1.5 Ton (1RK) capacity 3-Star Inverter Split Air-Conditioner with 4 KVA Voltage Stabilizer in the Official chamber of the Ld. District & Sessions Judge at Jorhat District Judiciary.	Rs. 8,58,810.00	60 days	300.00	Class-I /Class-II / Class-III contractor who has successfully executed electrical similar or multiple works of permanent nature not below 40% of the work value under PWD, Assam during last two years.
Date of receipt of Application along with up to date attested copies of contractor registration certificate, PAN card, labour license, GST registration and electrical contractor License with supervisor licenses is 26-12-2024. Tender paper will be issued on the same day.
Janasanyog/C/5508/24/22-Dec-24

Sd/-

Executive Engineer PWD

Jorhat Electrical Division

Jorhat
